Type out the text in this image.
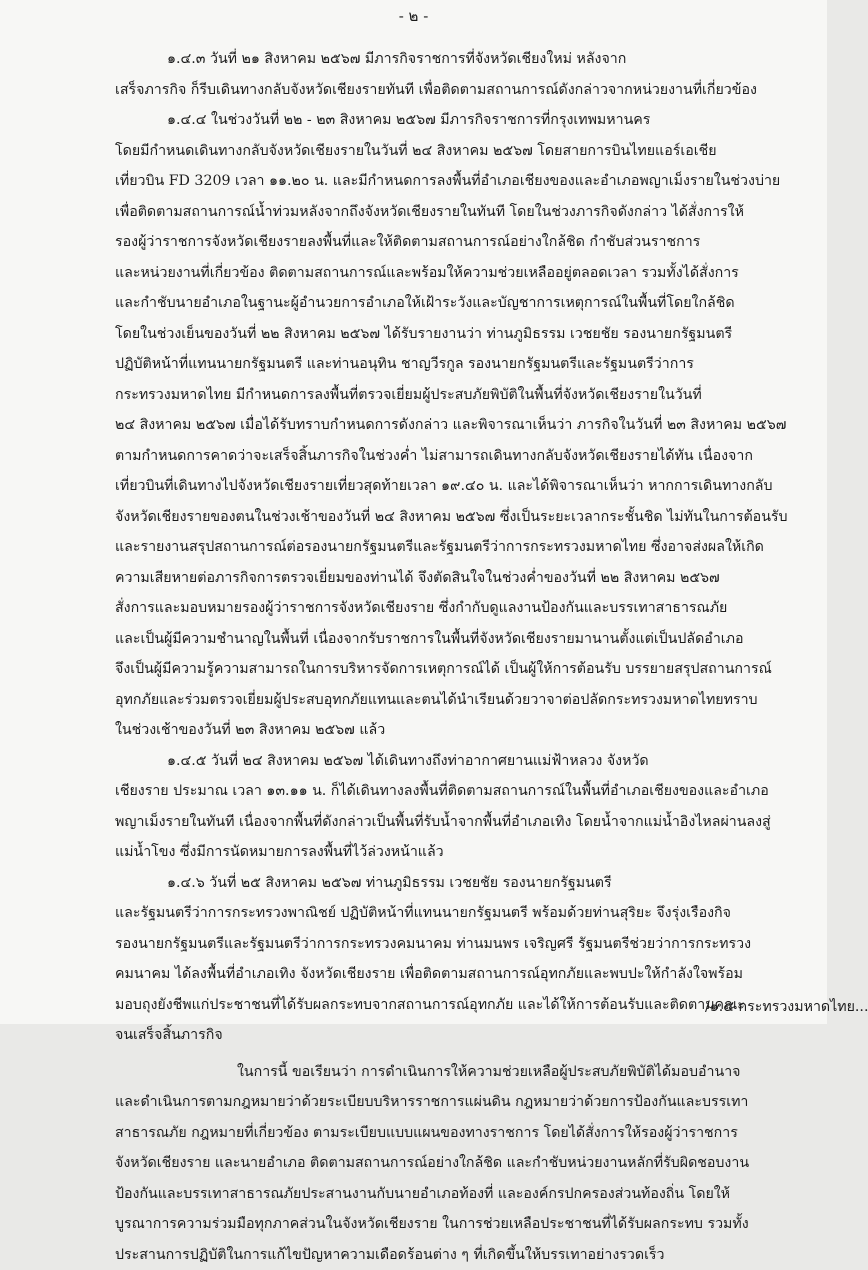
- ๒ -
๑.๔.๓ วันที่ ๒๑ สิงหาคม ๒๕๖๗ มีภารกิจราชการที่จังหวัดเชียงใหม่ หลังจาก
เสร็จภารกิจ ก็รีบเดินทางกลับจังหวัดเชียงรายทันที เพื่อติดตามสถานการณ์ดังกล่าวจากหน่วยงานที่เกี่ยวข้อง
๑.๔.๔ ในช่วงวันที่ ๒๒ - ๒๓ สิงหาคม ๒๕๖๗ มีภารกิจราชการที่กรุงเทพมหานคร
โดยมีกำหนดเดินทางกลับจังหวัดเชียงรายในวันที่ ๒๔ สิงหาคม ๒๕๖๗ โดยสายการบินไทยแอร์เอเชีย
เที่ยวบิน FD 3209 เวลา ๑๑.๒๐ น. และมีกำหนดการลงพื้นที่อำเภอเชียงของและอำเภอพญาเม็งรายในช่วงบ่าย
เพื่อติดตามสถานการณ์น้ำท่วมหลังจากถึงจังหวัดเชียงรายในทันที โดยในช่วงภารกิจดังกล่าว ได้สั่งการให้
รองผู้ว่าราชการจังหวัดเชียงรายลงพื้นที่และให้ติดตามสถานการณ์อย่างใกล้ชิด กำชับส่วนราชการ
และหน่วยงานที่เกี่ยวข้อง ติดตามสถานการณ์และพร้อมให้ความช่วยเหลืออยู่ตลอดเวลา รวมทั้งได้สั่งการ
และกำชับนายอำเภอในฐานะผู้อำนวยการอำเภอให้เฝ้าระวังและบัญชาการเหตุการณ์ในพื้นที่โดยใกล้ชิด
โดยในช่วงเย็นของวันที่ ๒๒ สิงหาคม ๒๕๖๗ ได้รับรายงานว่า ท่านภูมิธรรม เวชยชัย รองนายกรัฐมนตรี
ปฏิบัติหน้าที่แทนนายกรัฐมนตรี และท่านอนุทิน ชาญวีรกูล รองนายกรัฐมนตรีและรัฐมนตรีว่าการ
กระทรวงมหาดไทย มีกำหนดการลงพื้นที่ตรวจเยี่ยมผู้ประสบภัยพิบัติในพื้นที่จังหวัดเชียงรายในวันที่
๒๔ สิงหาคม ๒๕๖๗ เมื่อได้รับทราบกำหนดการดังกล่าว และพิจารณาเห็นว่า ภารกิจในวันที่ ๒๓ สิงหาคม ๒๕๖๗
ตามกำหนดการคาดว่าจะเสร็จสิ้นภารกิจในช่วงค่ำ ไม่สามารถเดินทางกลับจังหวัดเชียงรายได้ทัน เนื่องจาก
เที่ยวบินที่เดินทางไปจังหวัดเชียงรายเที่ยวสุดท้ายเวลา ๑๙.๔๐ น. และได้พิจารณาเห็นว่า หากการเดินทางกลับ
จังหวัดเชียงรายของตนในช่วงเช้าของวันที่ ๒๔ สิงหาคม ๒๕๖๗ ซึ่งเป็นระยะเวลากระชั้นชิด ไม่ทันในการต้อนรับ
และรายงานสรุปสถานการณ์ต่อรองนายกรัฐมนตรีและรัฐมนตรีว่าการกระทรวงมหาดไทย ซึ่งอาจส่งผลให้เกิด
ความเสียหายต่อภารกิจการตรวจเยี่ยมของท่านได้ จึงตัดสินใจในช่วงค่ำของวันที่ ๒๒ สิงหาคม ๒๕๖๗
สั่งการและมอบหมายรองผู้ว่าราชการจังหวัดเชียงราย ซึ่งกำกับดูแลงานป้องกันและบรรเทาสาธารณภัย
และเป็นผู้มีความชำนาญในพื้นที่ เนื่องจากรับราชการในพื้นที่จังหวัดเชียงรายมานานตั้งแต่เป็นปลัดอำเภอ
จึงเป็นผู้มีความรู้ความสามารถในการบริหารจัดการเหตุการณ์ได้ เป็นผู้ให้การต้อนรับ บรรยายสรุปสถานการณ์
อุทกภัยและร่วมตรวจเยี่ยมผู้ประสบอุทกภัยแทนและตนได้นำเรียนด้วยวาจาต่อปลัดกระทรวงมหาดไทยทราบ
ในช่วงเช้าของวันที่ ๒๓ สิงหาคม ๒๕๖๗ แล้ว
๑.๔.๕ วันที่ ๒๔ สิงหาคม ๒๕๖๗ ได้เดินทางถึงท่าอากาศยานแม่ฟ้าหลวง จังหวัด
เชียงราย ประมาณ เวลา ๑๓.๑๑ น. ก็ได้เดินทางลงพื้นที่ติดตามสถานการณ์ในพื้นที่อำเภอเชียงของและอำเภอ
พญาเม็งรายในทันที เนื่องจากพื้นที่ดังกล่าวเป็นพื้นที่รับน้ำจากพื้นที่อำเภอเทิง โดยน้ำจากแม่น้ำอิงไหลผ่านลงสู่
แม่น้ำโขง ซึ่งมีการนัดหมายการลงพื้นที่ไว้ล่วงหน้าแล้ว
๑.๔.๖ วันที่ ๒๕ สิงหาคม ๒๕๖๗ ท่านภูมิธรรม เวชยชัย รองนายกรัฐมนตรี
และรัฐมนตรีว่าการกระทรวงพาณิชย์ ปฏิบัติหน้าที่แทนนายกรัฐมนตรี พร้อมด้วยท่านสุริยะ จึงรุ่งเรืองกิจ
รองนายกรัฐมนตรีและรัฐมนตรีว่าการกระทรวงคมนาคม ท่านมนพร เจริญศรี รัฐมนตรีช่วยว่าการกระทรวง
คมนาคม ได้ลงพื้นที่อำเภอเทิง จังหวัดเชียงราย เพื่อติดตามสถานการณ์อุทกภัยและพบปะให้กำลังใจพร้อม
มอบถุงยังชีพแก่ประชาชนที่ได้รับผลกระทบจากสถานการณ์อุทกภัย และได้ให้การต้อนรับและติดตามคณะ
จนเสร็จสิ้นภารกิจ
ในการนี้ ขอเรียนว่า การดำเนินการให้ความช่วยเหลือผู้ประสบภัยพิบัติได้มอบอำนาจ
และดำเนินการตามกฎหมายว่าด้วยระเบียบบริหารราชการแผ่นดิน กฎหมายว่าด้วยการป้องกันและบรรเทา
สาธารณภัย กฎหมายที่เกี่ยวข้อง ตามระเบียบแบบแผนของทางราชการ โดยได้สั่งการให้รองผู้ว่าราชการ
จังหวัดเชียงราย และนายอำเภอ ติดตามสถานการณ์อย่างใกล้ชิด และกำชับหน่วยงานหลักที่รับผิดชอบงาน
ป้องกันและบรรเทาสาธารณภัยประสานงานกับนายอำเภอท้องที่ และองค์กรปกครองส่วนท้องถิ่น โดยให้
บูรณาการความร่วมมือทุกภาคส่วนในจังหวัดเชียงราย ในการช่วยเหลือประชาชนที่ได้รับผลกระทบ รวมทั้ง
ประสานการปฏิบัติในการแก้ไขปัญหาความเดือดร้อนต่าง ๆ ที่เกิดขึ้นให้บรรเทาอย่างรวดเร็ว
/๑.๕ กระทรวงมหาดไทย...
